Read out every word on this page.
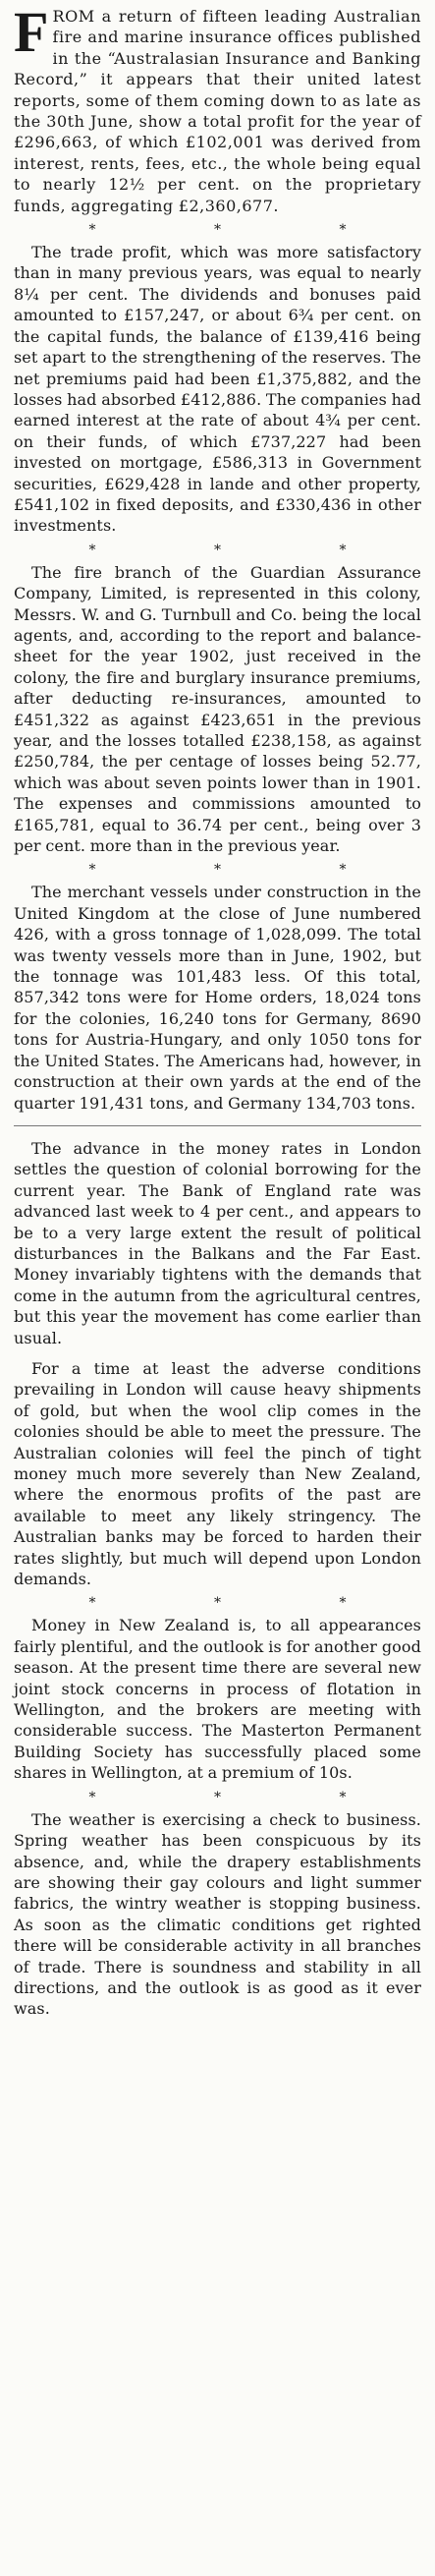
FROM a return of fifteen leading Australian fire and marine insurance offices published in the “Australasian Insurance and Banking Record,” it appears that their united latest reports, some of them coming down to as late as the 30th June, show a total profit for the year of £296,663, of which £102,001 was derived from interest, rents, fees, etc., the whole being equal to nearly 12½ per cent. on the proprietary funds, aggregating £2,360,677.

* * *

The trade profit, which was more satisfactory than in many previous years, was equal to nearly 8¼ per cent. The dividends and bonuses paid amounted to £157,247, or about 6¾ per cent. on the capital funds, the balance of £139,416 being set apart to the strengthening of the reserves. The net premiums paid had been £1,375,882, and the losses had absorbed £412,886. The companies had earned interest at the rate of about 4¾ per cent. on their funds, of which £737,227 had been invested on mortgage, £586,313 in Government securities, £629,428 in lande and other property, £541,102 in fixed deposits, and £330,436 in other investments.

* * *

The fire branch of the Guardian Assurance Company, Limited, is represented in this colony, Messrs. W. and G. Turnbull and Co. being the local agents, and, according to the report and balance-sheet for the year 1902, just received in the colony, the fire and burglary insurance premiums, after deducting re-insurances, amounted to £451,322 as against £423,651 in the previous year, and the losses totalled £238,158, as against £250,784, the per centage of losses being 52.77, which was about seven points lower than in 1901. The expenses and commissions amounted to £165,781, equal to 36.74 per cent., being over 3 per cent. more than in the previous year.

* * *

The merchant vessels under construction in the United Kingdom at the close of June numbered 426, with a gross tonnage of 1,028,099. The total was twenty vessels more than in June, 1902, but the tonnage was 101,483 less. Of this total, 857,342 tons were for Home orders, 18,024 tons for the colonies, 16,240 tons for Germany, 8690 tons for Austria-Hungary, and only 1050 tons for the United States. The Americans had, however, in construction at their own yards at the end of the quarter 191,431 tons, and Germany 134,703 tons.

The advance in the money rates in London settles the question of colonial borrowing for the current year. The Bank of England rate was advanced last week to 4 per cent., and appears to be to a very large extent the result of political disturbances in the Balkans and the Far East. Money invariably tightens with the demands that come in the autumn from the agricultural centres, but this year the movement has come earlier than usual.

For a time at least the adverse conditions prevailing in London will cause heavy shipments of gold, but when the wool clip comes in the colonies should be able to meet the pressure. The Australian colonies will feel the pinch of tight money much more severely than New Zealand, where the enormous profits of the past are available to meet any likely stringency. The Australian banks may be forced to harden their rates slightly, but much will depend upon London demands.

* * *

Money in New Zealand is, to all appearances fairly plentiful, and the outlook is for another good season. At the present time there are several new joint stock concerns in process of flotation in Wellington, and the brokers are meeting with considerable success. The Masterton Permanent Building Society has successfully placed some shares in Wellington, at a premium of 10s.

* * *

The weather is exercising a check to business. Spring weather has been conspicuous by its absence, and, while the drapery establishments are showing their gay colours and light summer fabrics, the wintry weather is stopping business. As soon as the climatic conditions get righted there will be considerable activity in all branches of trade. There is soundness and stability in all directions, and the outlook is as good as it ever was.
